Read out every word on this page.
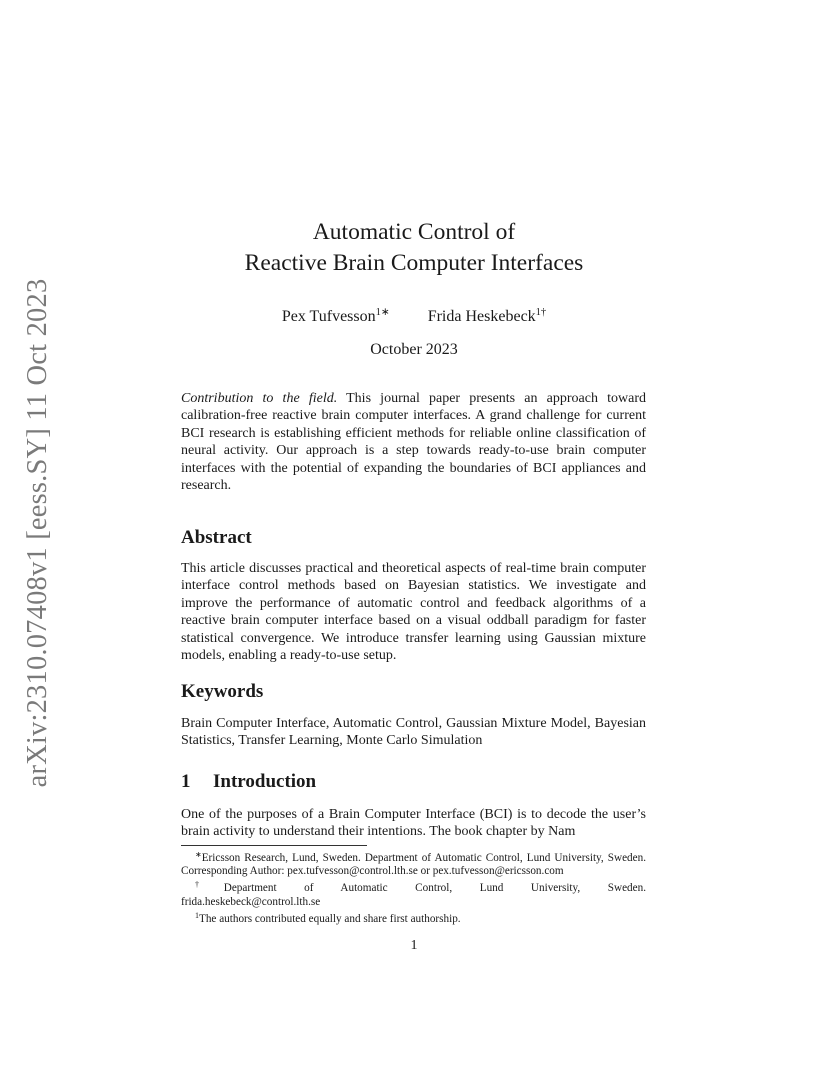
arXiv:2310.07408v1 [eess.SY] 11 Oct 2023
Automatic Control of
Reactive Brain Computer Interfaces
Pex Tufvesson$^{1∗}$ Frida Heskebeck$^{1\dagger}$
October 2023
Contribution to the field. This journal paper presents an approach toward calibration-free reactive brain computer interfaces. A grand challenge for current BCI research is establishing efficient methods for reliable online classification of neural activity. Our approach is a step towards ready-to-use brain computer interfaces with the potential of expanding the boundaries of BCI appliances and research.
Abstract
This article discusses practical and theoretical aspects of real-time brain computer interface control methods based on Bayesian statistics. We investigate and improve the performance of automatic control and feedback algorithms of a reactive brain computer interface based on a visual oddball paradigm for faster statistical convergence. We introduce transfer learning using Gaussian mixture models, enabling a ready-to-use setup.
Keywords
Brain Computer Interface, Automatic Control, Gaussian Mixture Model, Bayesian Statistics, Transfer Learning, Monte Carlo Simulation
1 Introduction
One of the purposes of a Brain Computer Interface (BCI) is to decode the user’s brain activity to understand their intentions. The book chapter by Nam

∗Ericsson Research, Lund, Sweden. Department of Automatic Control, Lund University, Sweden. Corresponding Author: pex.tufvesson@control.lth.se or pex.tufvesson@ericsson.com

†Department of Automatic Control, Lund University, Sweden.

frida.heskebeck@control.lth.se

$^1$The authors contributed equally and share first authorship.

1
